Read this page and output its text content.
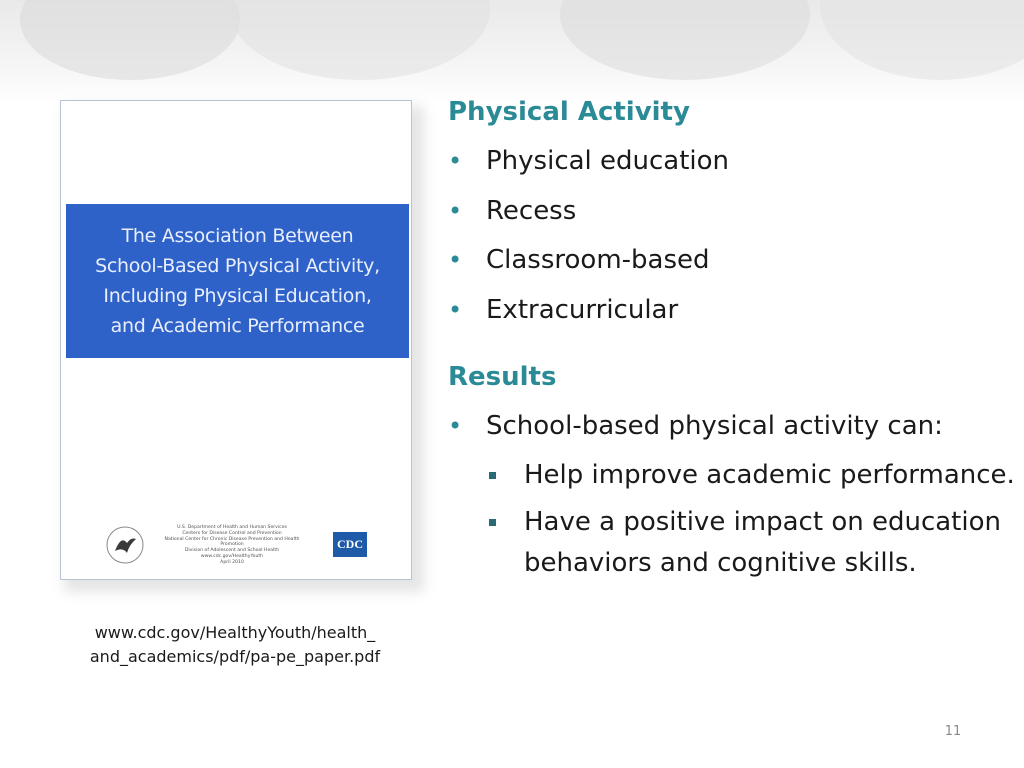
The Association Between
School-Based Physical Activity,
Including Physical Education,
and Academic Performance
U.S. Department of Health and Human Services
Centers for Disease Control and Prevention
National Center for Chronic Disease Prevention and Health Promotion
Division of Adolescent and School Health
www.cdc.gov/HealthyYouth
April 2010
CDC
www.cdc.gov/HealthyYouth/health_
and_academics/pdf/pa-pe_paper.pdf
Physical Activity
• Physical education
• Recess
• Classroom-based
• Extracurricular
Results
• School-based physical activity can:
Help improve academic performance.
Have a positive impact on education behaviors and cognitive skills.
11
